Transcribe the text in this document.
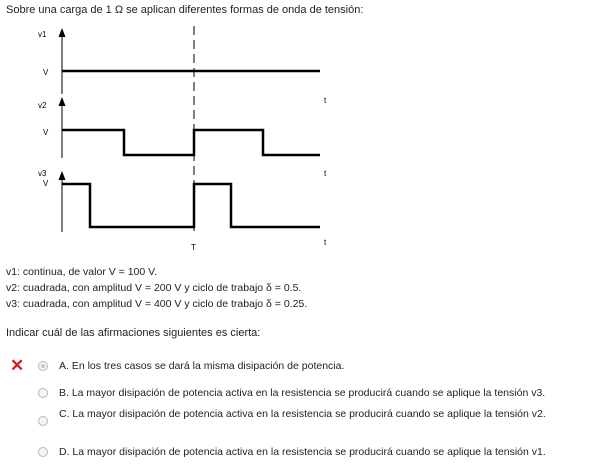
Sobre una carga de 1 Ω se aplican diferentes formas de onda de tensión:
v1
V
t
v2
V
t
v3
V
t
T
v1: continua, de valor V = 100 V.
v2: cuadrada, con amplitud V = 200 V y ciclo de trabajo δ = 0.5.
v3: cuadrada, con amplitud V = 400 V y ciclo de trabajo δ = 0.25.
Indicar cuál de las afirmaciones siguientes es cierta:
✕	A. En los tres casos se dará la misma disipación de potencia.
B. La mayor disipación de potencia activa en la resistencia se producirá cuando se aplique la tensión v3.
C. La mayor disipación de potencia activa en la resistencia se producirá cuando se aplique la tensión v2.
D. La mayor disipación de potencia activa en la resistencia se producirá cuando se aplique la tensión v1.
